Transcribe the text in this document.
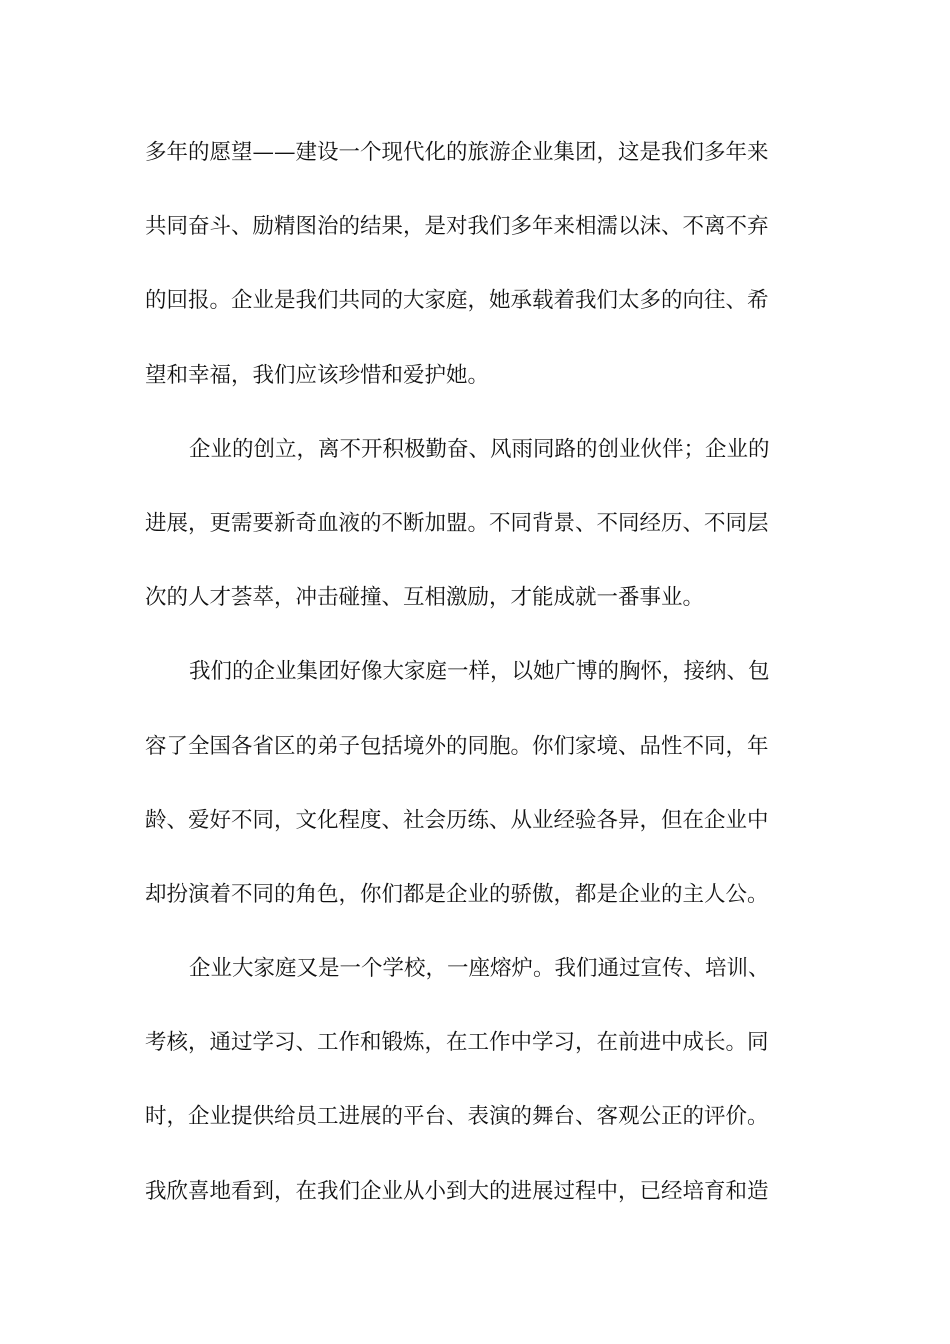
多年的愿望——建设一个现代化的旅游企业集团，这是我们多年来
共同奋斗、励精图治的结果，是对我们多年来相濡以沫、不离不弃
的回报。企业是我们共同的大家庭，她承载着我们太多的向往、希
望和幸福，我们应该珍惜和爱护她。
企业的创立，离不开积极勤奋、风雨同路的创业伙伴；企业的
进展，更需要新奇血液的不断加盟。不同背景、不同经历、不同层
次的人才荟萃，冲击碰撞、互相激励，才能成就一番事业。
我们的企业集团好像大家庭一样，以她广博的胸怀，接纳、包
容了全国各省区的弟子包括境外的同胞。你们家境、品性不同，年
龄、爱好不同，文化程度、社会历练、从业经验各异，但在企业中
却扮演着不同的角色，你们都是企业的骄傲，都是企业的主人公。
企业大家庭又是一个学校，一座熔炉。我们通过宣传、培训、
考核，通过学习、工作和锻炼，在工作中学习，在前进中成长。同
时，企业提供给员工进展的平台、表演的舞台、客观公正的评价。
我欣喜地看到，在我们企业从小到大的进展过程中，已经培育和造
